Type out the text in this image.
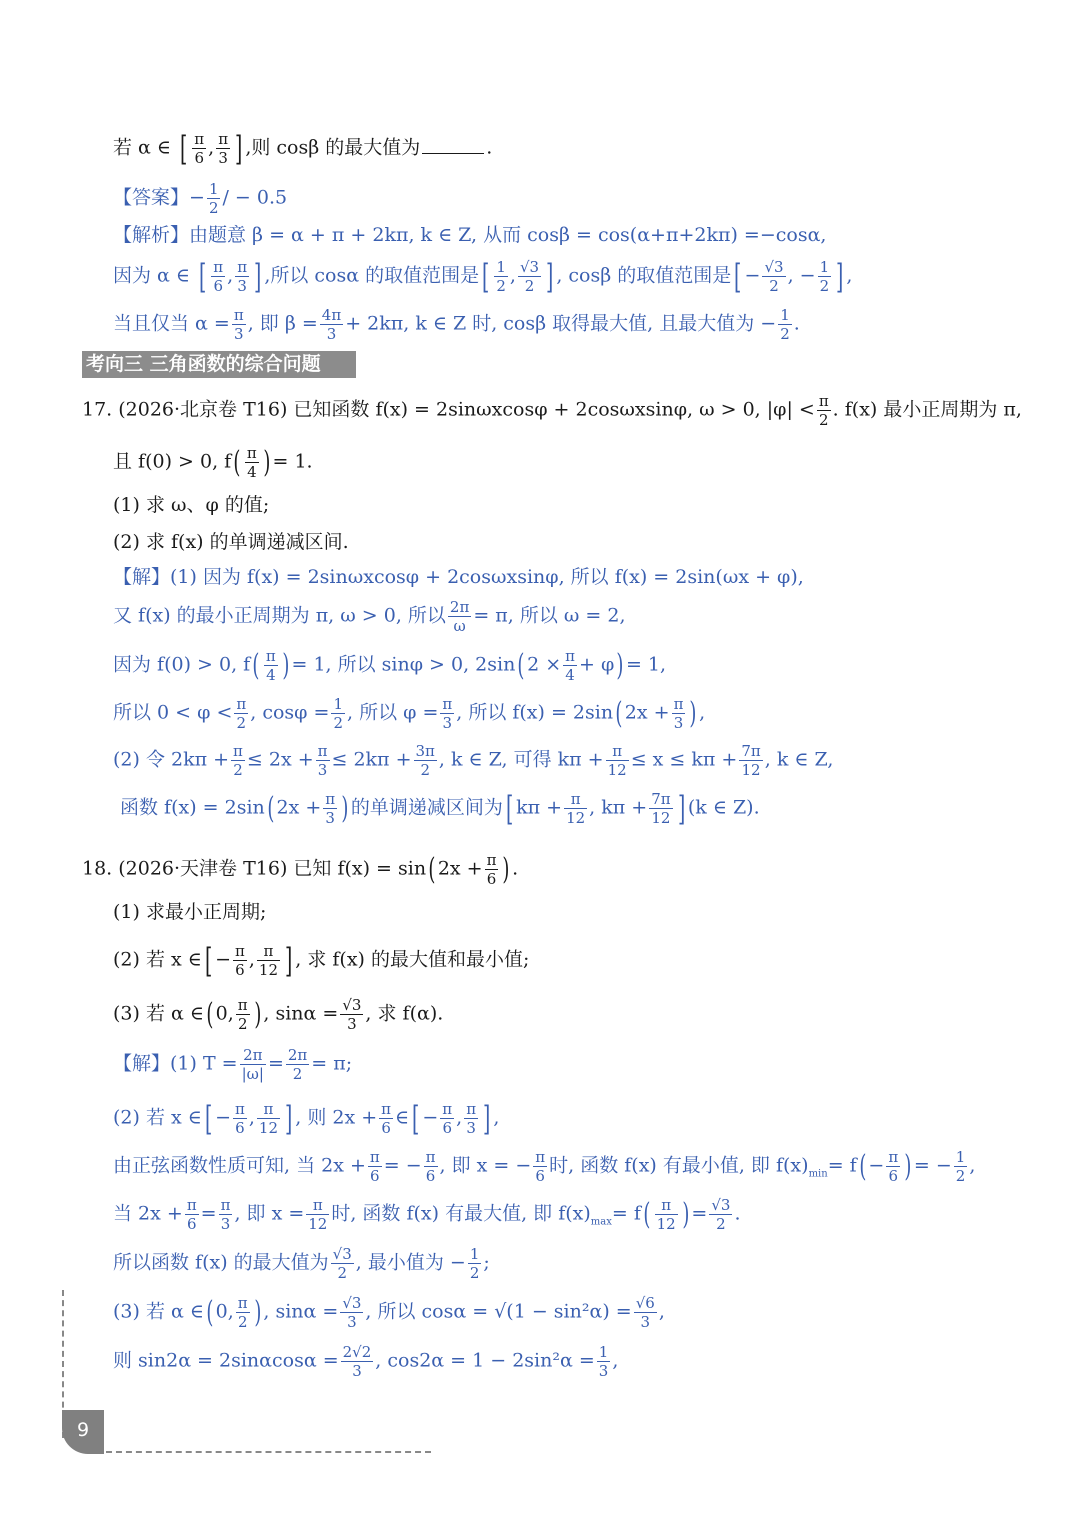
若 α ∈ [ $\frac{\pi}{6}$ , $\frac{\pi}{3}$ ] ,则 cosβ 的最大值为	.
【答案】− $\frac{1}{2}$ / − 0.5
【解析】由题意 β = α + π + 2kπ, k ∈ Z, 从而 cosβ = cos(α+π+2kπ) =−cosα,
因为 α ∈ [ $\frac{\pi}{6}$ , $\frac{\pi}{3}$ ] ,所以 cosα 的取值范围是[ $\frac{1}{2}$ , $\frac{√3}{2}$ ] , cosβ 的取值范围是[ − $\frac{√3}{2}$ , − $\frac{1}{2}$ ] ,
当且仅当 $\alpha = \frac{\pi}{3}$ , 即 $\beta = \frac{4\pi}{3} + 2k\pi$, k ∈ Z 时, cosβ 取得最大值, 且最大值为 − $\frac{1}{2}$ .
考向三 三角函数的综合问题
17. (2026·北京卷 T16) 已知函数 f(x) = 2sinωxcosφ + 2cosωxsinφ, ω > 0, $|\varphi| < \frac{\pi}{2}$ . f(x) 最小正周期为 π,
且 f(0) > 0, $f( \frac{\pi}{4}$ ) = 1.
(1) 求 ω、φ 的值;
(2) 求 f(x) 的单调递减区间.
【解】(1) 因为 f(x) = 2sinωxcosφ + 2cosωxsinφ, 所以 f(x) = 2sin(ωx + φ),
又 f(x) 的最小正周期为 π, ω > 0, 所以 $\frac{2\pi}{\omega} = \pi$, 所以 ω = 2,
因为 f(0) > 0, $f( \frac{\pi}{4}$ ) = 1, 所以 sinφ > 0, 2sin( $2 \times \frac{\pi}{4} + \varphi) = 1$,
所以 $0 < \varphi < \frac{\pi}{2}$ , $\cos\varphi = \frac{1}{2}$ , 所以 $\varphi = \frac{\pi}{3}$ , 所以 f(x) = 2sin( $2x + \frac{\pi}{3}$ ) ,
(2) 令 $2k\pi + \frac{\pi}{2} \le 2x + \frac{\pi}{3} \le 2k\pi + \frac{3\pi}{2}$ , k ∈ Z, 可得 $k\pi + \frac{\pi}{12} \le x \le k\pi + \frac{7\pi}{12}$ , k ∈ Z,
函数 f(x) = 2sin( $2x + \frac{\pi}{3}$ ) 的单调递减区间为[ $k\pi + \frac{\pi}{12}$ , $k\pi + \frac{7\pi}{12}$ ] (k ∈ Z).
18. (2026·天津卷 T16) 已知 f(x) = sin( $2x + \frac{\pi}{6}$ ) .
(1) 求最小正周期;
(2) 若 x ∈[ − $\frac{\pi}{6}$ , $\frac{\pi}{12}$ ] , 求 f(x) 的最大值和最小值;
(3) 若 α ∈( 0, $\frac{\pi}{2}$ ) , $\sin\alpha = \frac{√3}{3}$ , 求 f(α).
【解】(1) $T = \frac{2\pi}{|\omega|} = \frac{2\pi}{2} = \pi$;
(2) 若 x ∈[ − $\frac{\pi}{6}$ , $\frac{\pi}{12}$ ] , 则 $2x + \frac{\pi}{6}$ ∈[ − $\frac{\pi}{6}$ , $\frac{\pi}{3}$ ] ,
由正弦函数性质可知, 当 $2x + \frac{\pi}{6}$ = − $\frac{\pi}{6}$ , 即 x = − $\frac{\pi}{6}$ 时, 函数 f(x) 有最小值, 即 $f(x)_{min}= f( - \frac{\pi}{6}$ ) = − $\frac{1}{2}$ ,
当 $2x + \frac{\pi}{6} = \frac{\pi}{3}$ , 即 $x = \frac{\pi}{12}$ 时, 函数 f(x) 有最大值, 即 $f(x)_{max}= f( \frac{\pi}{12}$ ) = $\frac{√3}{2}$ .
所以函数 f(x) 的最大值为 $\frac{√3}{2}$ , 最小值为 − $\frac{1}{2}$ ;
(3) 若 α ∈( 0, $\frac{\pi}{2}$ ) , $\sin\alpha = \frac{√3}{3}$ , 所以 $\cos\alpha = √(1 - \sin^2\alpha) = \frac{√6}{3}$ ,
则 $\sin 2\alpha = 2\sin\alpha\cos\alpha = \frac{2√2}{3}$ , $\cos 2\alpha = 1 - 2\sin^2\alpha = \frac{1}{3}$ ,
9
